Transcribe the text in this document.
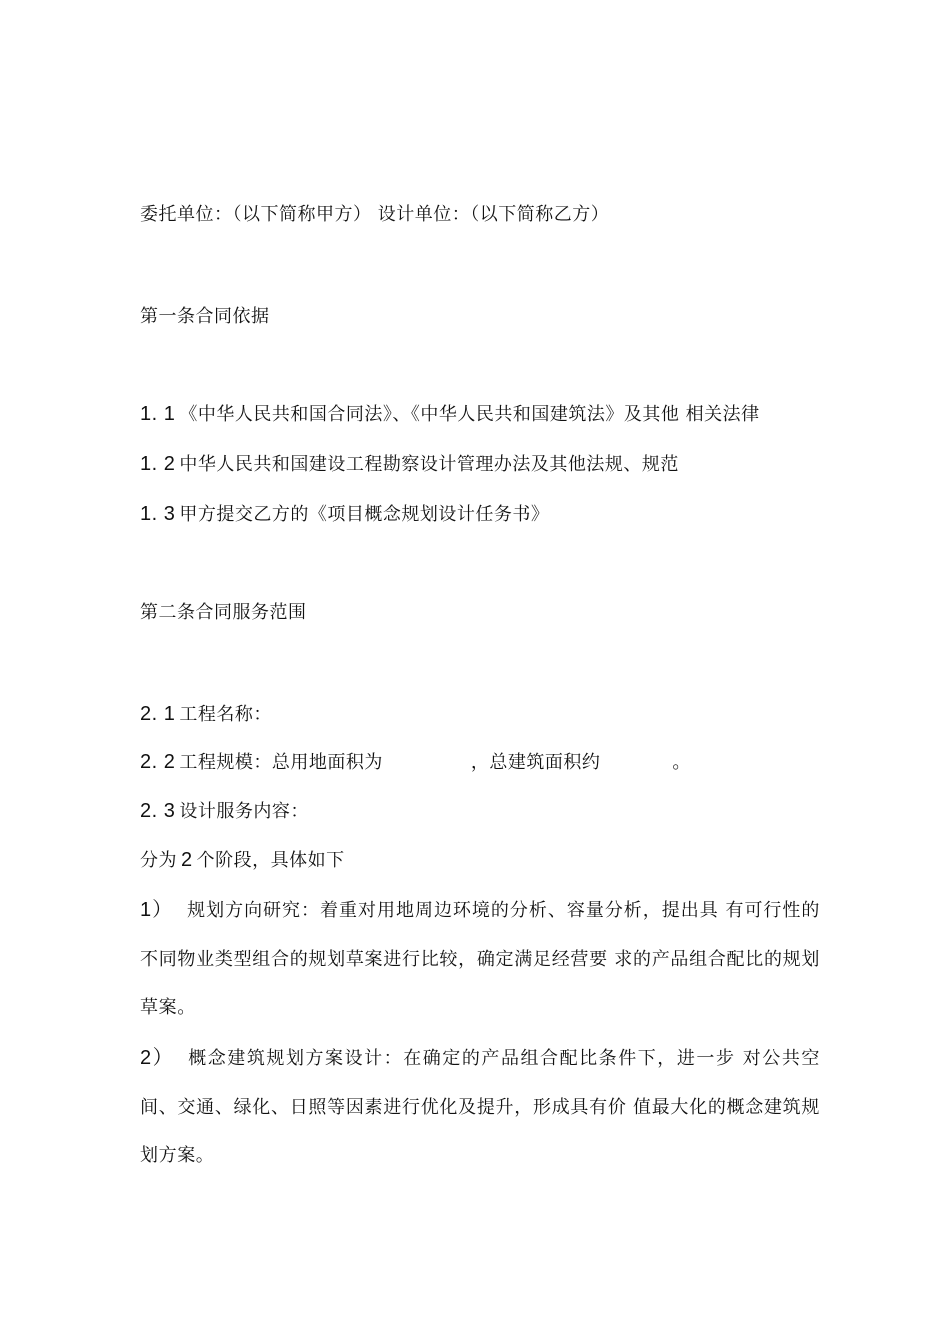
委托单位：（以下简称甲方） 设计单位：（以下简称乙方）
第一条合同依据
1. 1 《中华人民共和国合同法》、《中华人民共和国建筑法》及其他 相关法律
1. 2 中华人民共和国建设工程勘察设计管理办法及其他法规、规范
1. 3 甲方提交乙方的《项目概念规划设计任务书》
第二条合同服务范围
2. 1 工程名称：
2. 2 工程规模：总用地面积为	，总建筑面积约	。
2. 3 设计服务内容：
分为 2 个阶段，具体如下
1） 规划方向研究：着重对用地周边环境的分析、容量分析，提出具 有可行性的不同物业类型组合的规划草案进行比较，确定满足经营要 求的产品组合配比的规划草案。
2） 概念建筑规划方案设计：在确定的产品组合配比条件下，进一步 对公共空间、交通、绿化、日照等因素进行优化及提升，形成具有价 值最大化的概念建筑规划方案。
